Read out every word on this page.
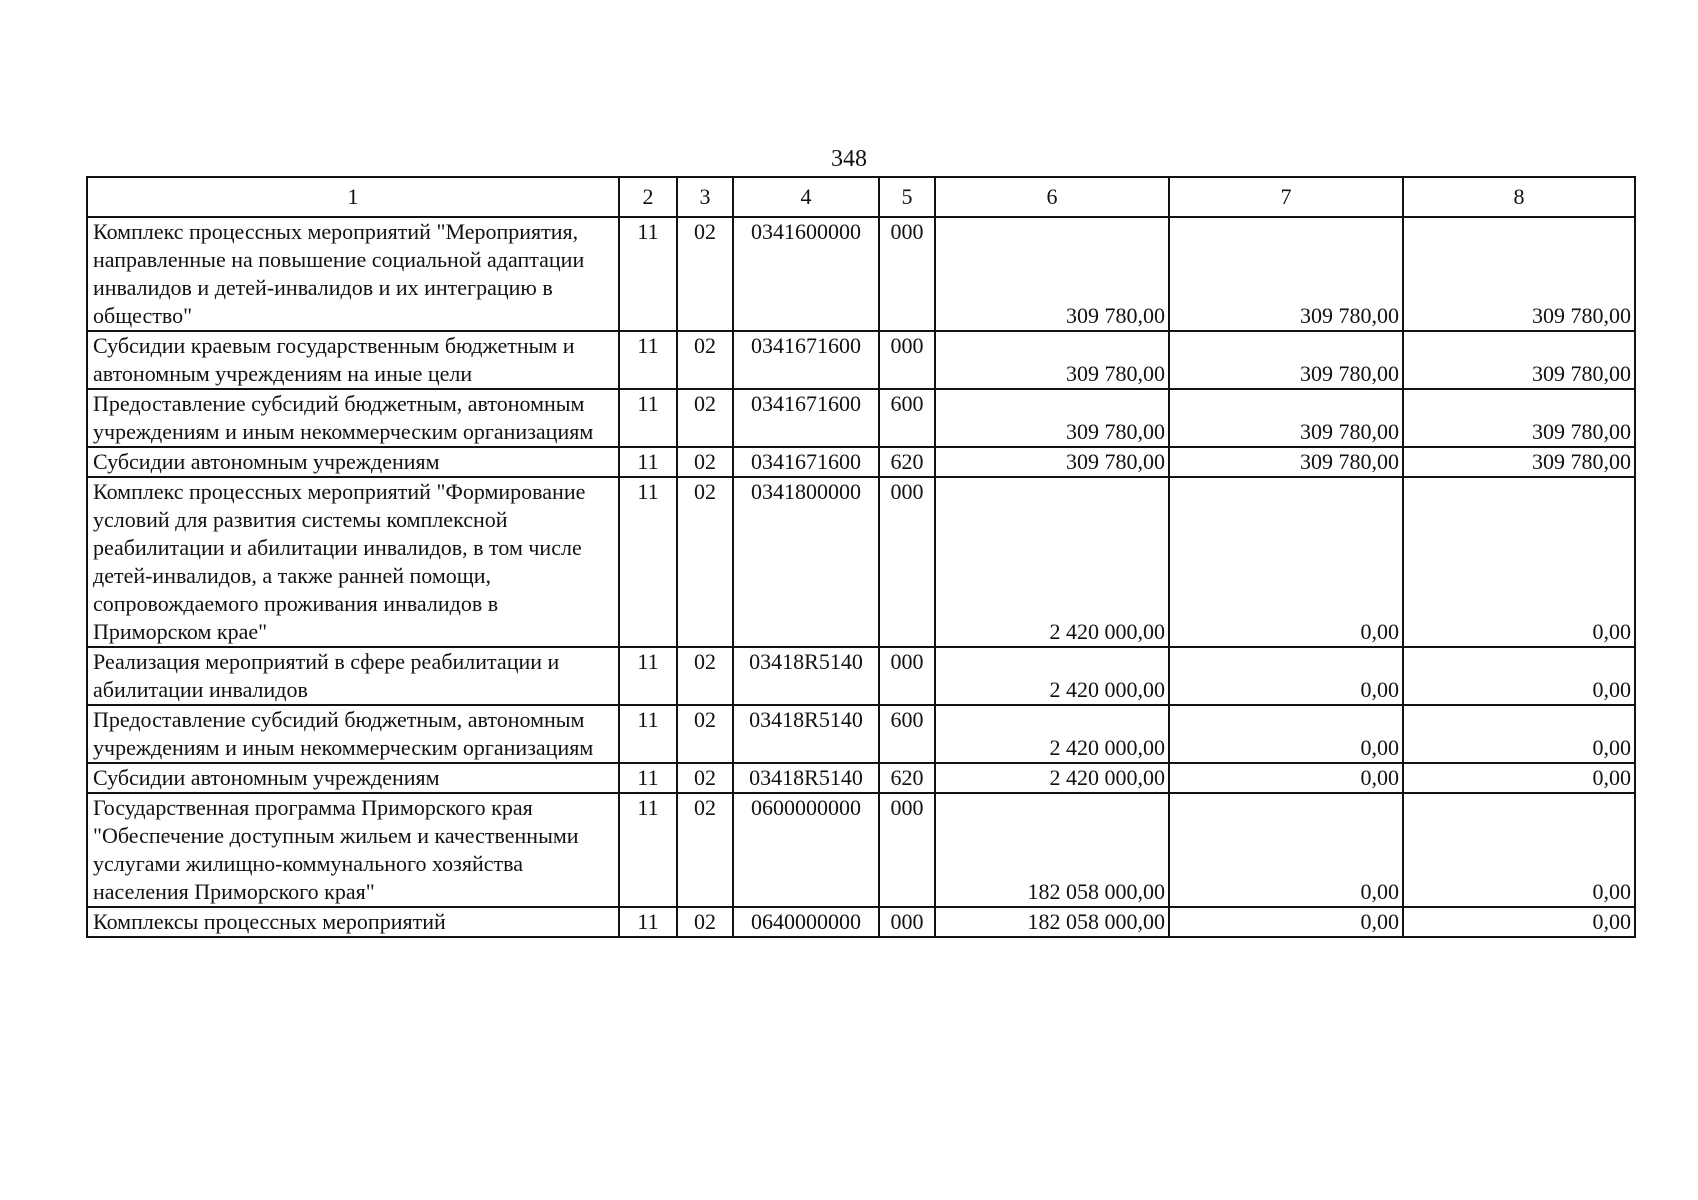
348
1	2	3	4	5	6	7	8
Комплекс процессных мероприятий "Мероприятия, направленные на повышение социальной адаптации инвалидов и детей-инвалидов и их интеграцию в общество"	11	02	0341600000	000	309 780,00	309 780,00	309 780,00
Субсидии краевым государственным бюджетным и автономным учреждениям на иные цели	11	02	0341671600	000	309 780,00	309 780,00	309 780,00
Предоставление субсидий бюджетным, автономным учреждениям и иным некоммерческим организациям	11	02	0341671600	600	309 780,00	309 780,00	309 780,00
Субсидии автономным учреждениям	11	02	0341671600	620	309 780,00	309 780,00	309 780,00
Комплекс процессных мероприятий "Формирование условий для развития системы комплексной реабилитации и абилитации инвалидов, в том числе детей-инвалидов, а также ранней помощи, сопровождаемого проживания инвалидов в Приморском крае"	11	02	0341800000	000	2 420 000,00	0,00	0,00
Реализация мероприятий в сфере реабилитации и абилитации инвалидов	11	02	03418R5140	000	2 420 000,00	0,00	0,00
Предоставление субсидий бюджетным, автономным учреждениям и иным некоммерческим организациям	11	02	03418R5140	600	2 420 000,00	0,00	0,00
Субсидии автономным учреждениям	11	02	03418R5140	620	2 420 000,00	0,00	0,00
Государственная программа Приморского края "Обеспечение доступным жильем и качественными услугами жилищно-коммунального хозяйства населения Приморского края"	11	02	0600000000	000	182 058 000,00	0,00	0,00
Комплексы процессных мероприятий	11	02	0640000000	000	182 058 000,00	0,00	0,00
